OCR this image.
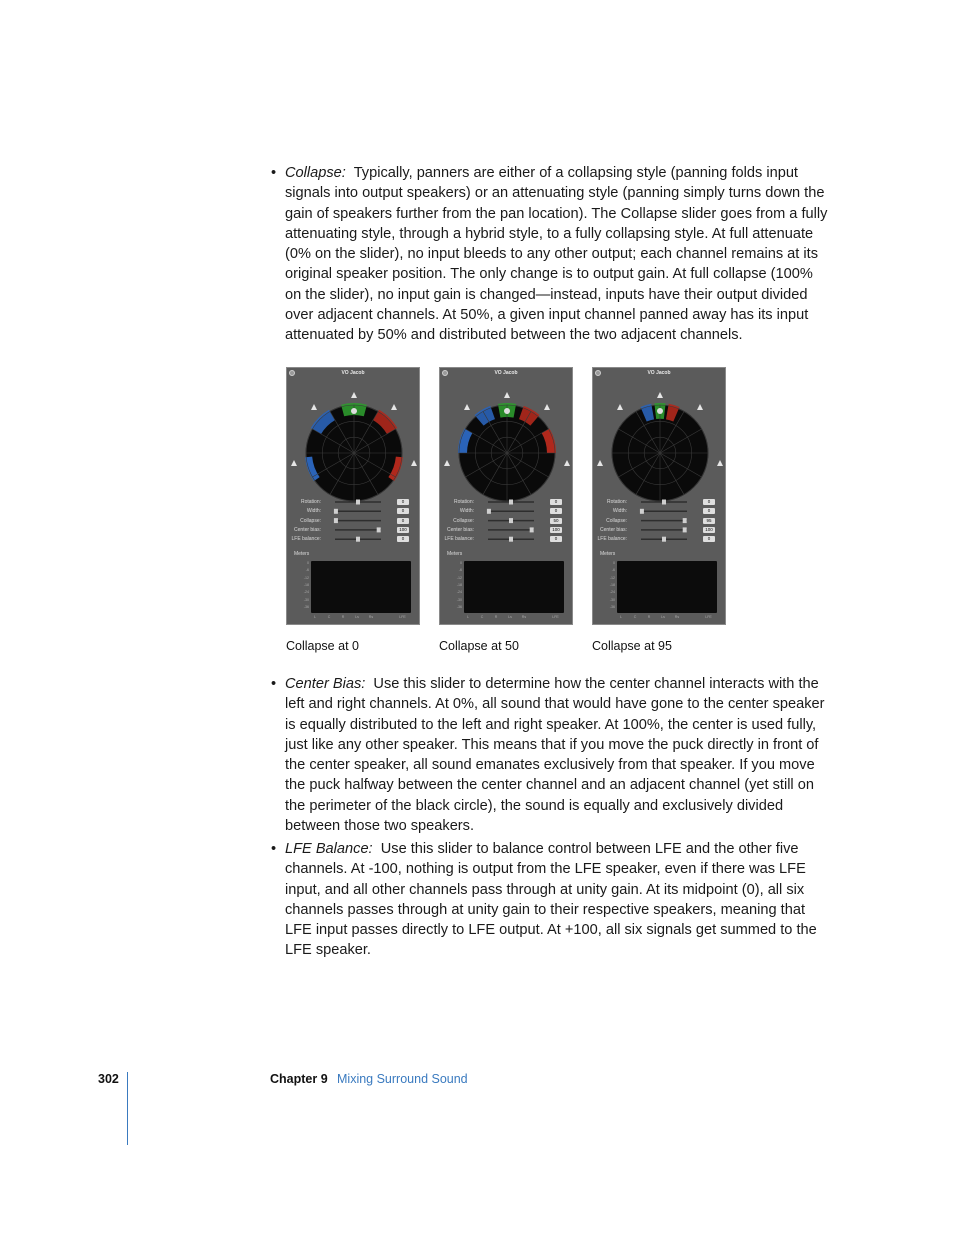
• Collapse: Typically, panners are either of a collapsing style (panning folds input signals into output speakers) or an attenuating style (panning simply turns down the gain of speakers further from the pan location). The Collapse slider goes from a fully attenuating style, through a hybrid style, to a fully collapsing style. At full attenuate (0% on the slider), no input bleeds to any other output; each channel remains at its original speaker position. The only change is to output gain. At full collapse (100% on the slider), no input gain is changed—instead, inputs have their output divided over adjacent channels. At 50%, a given input channel panned away has its input attenuated by 50% and distributed between the two adjacent channels.

VO Jacob
Rotation:	0
Width:	0
Collapse:	0
Center bias:	100
LFE balance:	0
Meters
0
-6
-12
-18
-24
-30
-36
L	C	R	Ls	Rs	LFE
VO Jacob
Rotation:	0
Width:	0
Collapse:	50
Center bias:	100
LFE balance:	0
Meters
0
-6
-12
-18
-24
-30
-36
L	C	R	Ls	Rs	LFE
VO Jacob
Rotation:	0
Width:	0
Collapse:	95
Center bias:	100
LFE balance:	0
Meters
0
-6
-12
-18
-24
-30
-36
L	C	R	Ls	Rs	LFE
Collapse at 0	Collapse at 50	Collapse at 95
• Center Bias: Use this slider to determine how the center channel interacts with the left and right channels. At 0%, all sound that would have gone to the center speaker is equally distributed to the left and right speaker. At 100%, the center is used fully, just like any other speaker. This means that if you move the puck directly in front of the center speaker, all sound emanates exclusively from that speaker. If you move the puck halfway between the center channel and an adjacent channel (yet still on the perimeter of the black circle), the sound is equally and exclusively divided between those two speakers.

• LFE Balance: Use this slider to balance control between LFE and the other five channels. At -100, nothing is output from the LFE speaker, even if there was LFE input, and all other channels pass through at unity gain. At its midpoint (0), all six channels passes through at unity gain to their respective speakers, meaning that LFE input passes directly to LFE output. At +100, all six signals get summed to the LFE speaker.

302	Chapter 9 Mixing Surround Sound
